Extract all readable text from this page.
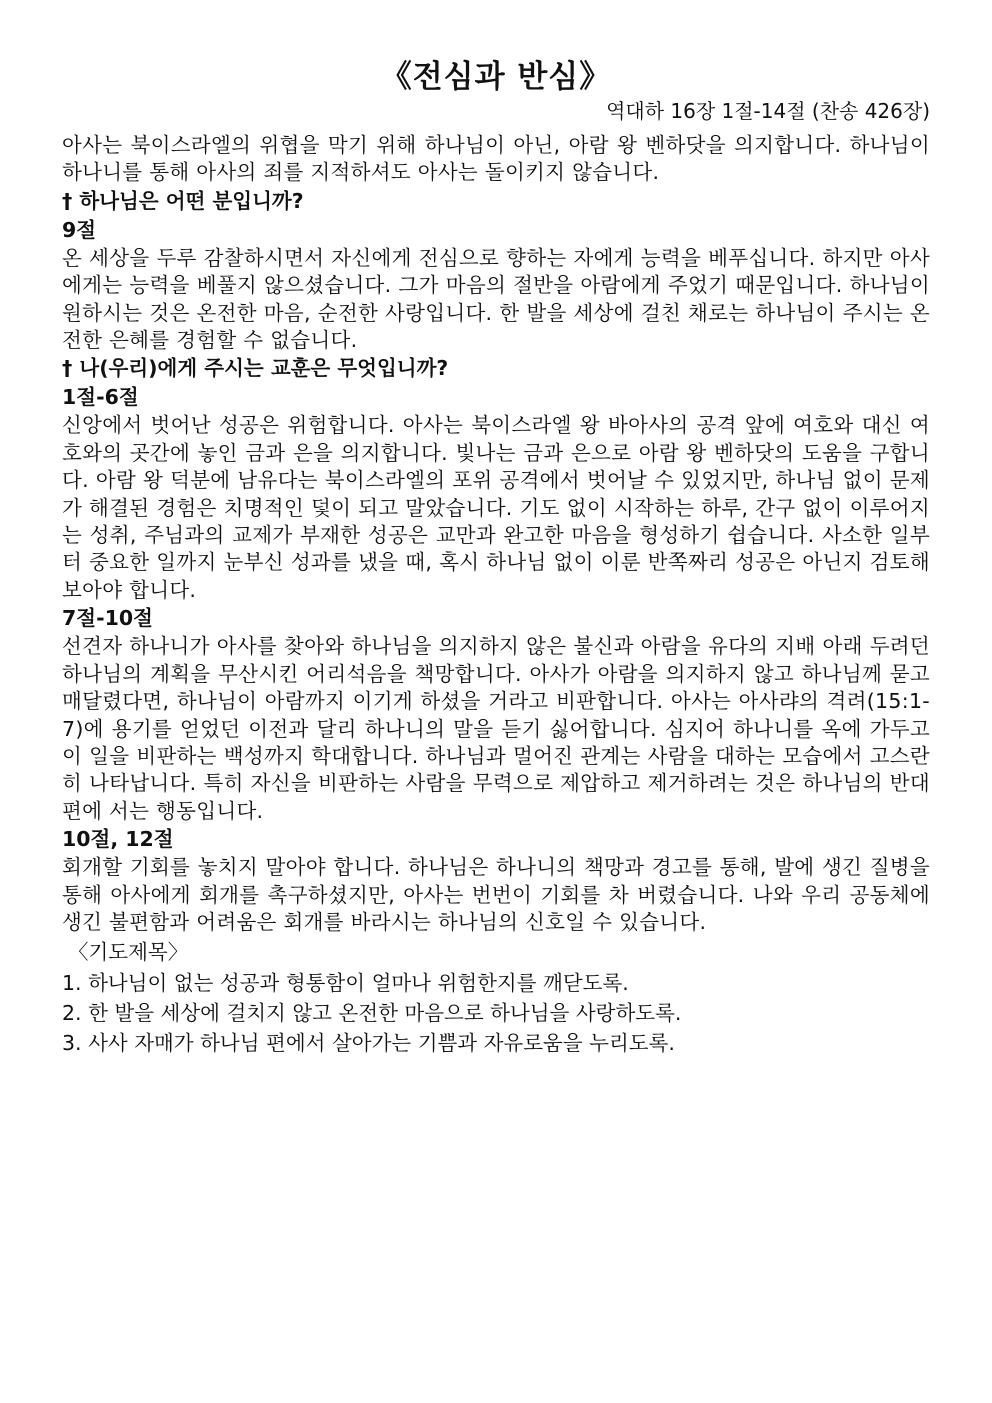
《전심과 반심》
역대하 16장 1절-14절 (찬송 426장)

아사는 북이스라엘의 위협을 막기 위해 하나님이 아닌, 아람 왕 벤하닷을 의지합니다. 하나님이 하나니를 통해 아사의 죄를 지적하셔도 아사는 돌이키지 않습니다.

† 하나님은 어떤 분입니까?

9절

온 세상을 두루 감찰하시면서 자신에게 전심으로 향하는 자에게 능력을 베푸십니다. 하지만 아사에게는 능력을 베풀지 않으셨습니다. 그가 마음의 절반을 아람에게 주었기 때문입니다. 하나님이 원하시는 것은 온전한 마음, 순전한 사랑입니다. 한 발을 세상에 걸친 채로는 하나님이 주시는 온전한 은혜를 경험할 수 없습니다.

† 나(우리)에게 주시는 교훈은 무엇입니까?

1절-6절

신앙에서 벗어난 성공은 위험합니다. 아사는 북이스라엘 왕 바아사의 공격 앞에 여호와 대신 여호와의 곳간에 놓인 금과 은을 의지합니다. 빛나는 금과 은으로 아람 왕 벤하닷의 도움을 구합니다. 아람 왕 덕분에 남유다는 북이스라엘의 포위 공격에서 벗어날 수 있었지만, 하나님 없이 문제가 해결된 경험은 치명적인 덫이 되고 말았습니다. 기도 없이 시작하는 하루, 간구 없이 이루어지는 성취, 주님과의 교제가 부재한 성공은 교만과 완고한 마음을 형성하기 쉽습니다. 사소한 일부터 중요한 일까지 눈부신 성과를 냈을 때, 혹시 하나님 없이 이룬 반쪽짜리 성공은 아닌지 검토해 보아야 합니다.

7절-10절

선견자 하나니가 아사를 찾아와 하나님을 의지하지 않은 불신과 아람을 유다의 지배 아래 두려던 하나님의 계획을 무산시킨 어리석음을 책망합니다. 아사가 아람을 의지하지 않고 하나님께 묻고 매달렸다면, 하나님이 아람까지 이기게 하셨을 거라고 비판합니다. 아사는 아사랴의 격려(15:1-7)에 용기를 얻었던 이전과 달리 하나니의 말을 듣기 싫어합니다. 심지어 하나니를 옥에 가두고 이 일을 비판하는 백성까지 학대합니다. 하나님과 멀어진 관계는 사람을 대하는 모습에서 고스란히 나타납니다. 특히 자신을 비판하는 사람을 무력으로 제압하고 제거하려는 것은 하나님의 반대편에 서는 행동입니다.

10절, 12절

회개할 기회를 놓치지 말아야 합니다. 하나님은 하나니의 책망과 경고를 통해, 발에 생긴 질병을 통해 아사에게 회개를 촉구하셨지만, 아사는 번번이 기회를 차 버렸습니다. 나와 우리 공동체에 생긴 불편함과 어려움은 회개를 바라시는 하나님의 신호일 수 있습니다.

〈기도제목〉

1. 하나님이 없는 성공과 형통함이 얼마나 위험한지를 깨닫도록.
2. 한 발을 세상에 걸치지 않고 온전한 마음으로 하나님을 사랑하도록.
3. 사사 자매가 하나님 편에서 살아가는 기쁨과 자유로움을 누리도록.
